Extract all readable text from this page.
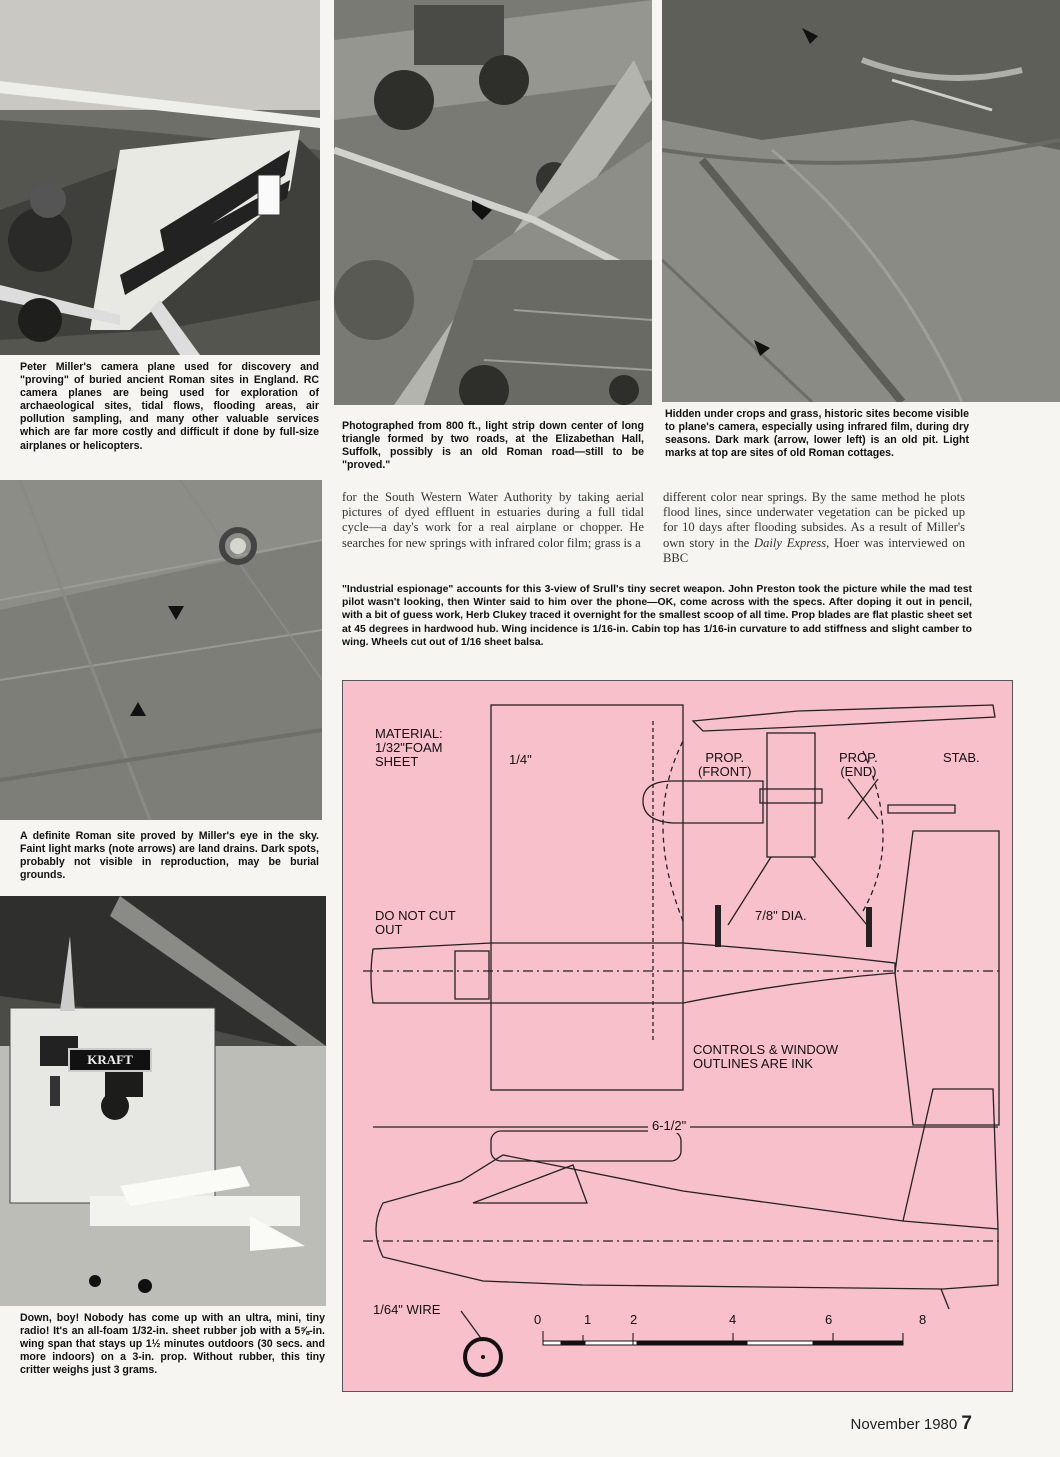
Peter Miller's camera plane used for discovery and "proving" of buried ancient Roman sites in England. RC camera planes are being used for exploration of archaeological sites, tidal flows, flooding areas, air pollution sampling, and many other valuable services which are far more costly and difficult if done by full-size airplanes or helicopters.

A definite Roman site proved by Miller's eye in the sky. Faint light marks (note arrows) are land drains. Dark spots, probably not visible in reproduction, may be burial grounds.

KRAFT

Down, boy! Nobody has come up with an ultra, mini, tiny radio! It's an all-foam 1/32-in. sheet rubber job with a 5⅝-in. wing span that stays up 1½ minutes outdoors (30 secs. and more indoors) on a 3-in. prop. Without rubber, this tiny critter weighs just 3 grams.

Photographed from 800 ft., light strip down center of long triangle formed by two roads, at the Elizabethan Hall, Suffolk, possibly is an old Roman road—still to be "proved."

Hidden under crops and grass, historic sites become visible to plane's camera, especially using infrared film, during dry seasons. Dark mark (arrow, lower left) is an old pit. Light marks at top are sites of old Roman cottages.

for the South Western Water Authority by taking aerial pictures of dyed effluent in estuaries during a full tidal cycle—a day's work for a real airplane or chopper. He searches for new springs with infrared color film; grass is a

different color near springs. By the same method he plots flood lines, since underwater vegetation can be picked up for 10 days after flooding subsides. As a result of Miller's own story in the Daily Express, Hoer was interviewed on BBC

"Industrial espionage" accounts for this 3-view of Srull's tiny secret weapon. John Preston took the picture while the mad test pilot wasn't looking, then Winter said to him over the phone—OK, come across with the specs. After doping it out in pencil, with a bit of guess work, Herb Clukey traced it overnight for the smallest scoop of all time. Prop blades are flat plastic sheet set at 45 degrees in hardwood hub. Wing incidence is 1/16-in. Cabin top has 1/16-in curvature to add stiffness and slight camber to wing. Wheels cut out of 1/16 sheet balsa.

MATERIAL:
1/32"FOAM
SHEET	1/4"	PROP.
(FRONT)
PROP.
(END)
STAB.
DO NOT CUT
OUT
7/8" DIA.
CONTROLS & WINDOW
OUTLINES ARE INK
6-1/2"
1/64" WIRE
0	1	2	4	6	8
November 1980 7
